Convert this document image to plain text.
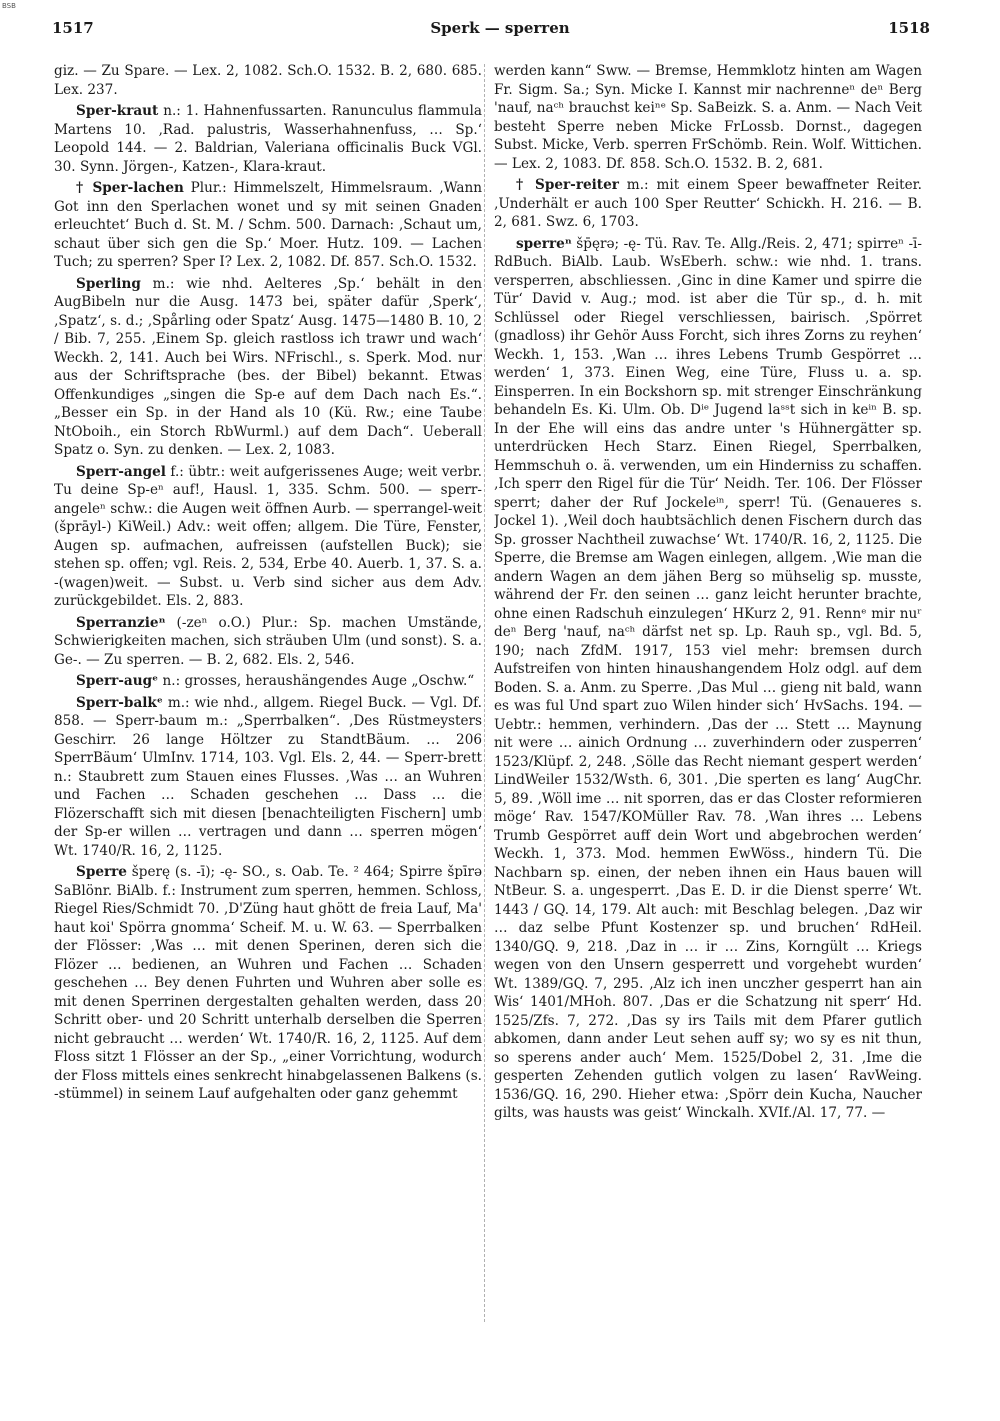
BSB
1517	Sperk — sperren	1518

giz. — Zu Spare. — Lex. 2, 1082. Sch.O. 1532. B. 2, 680. 685. Lex. 237.

Sper-kraut n.: 1. Hahnenfussarten. Ranunculus flammula Martens 10. ‚Rad. palustris, Wasserhahnenfuss, … Sp.‘ Leopold 144. — 2. Baldrian, Valeriana officinalis Buck VGl. 30. Synn. Jörgen-, Katzen-, Klara-kraut.

† Sper-lachen Plur.: Himmelszelt, Himmelsraum. ‚Wann Got inn den Sperlachen wonet und sy mit seinen Gnaden erleuchtet‘ Buch d. St. M. / Schm. 500. Darnach: ‚Schaut um, schaut über sich gen die Sp.‘ Moer. Hutz. 109. — Lachen Tuch; zu sperren? Sper I? Lex. 2, 1082. Df. 857. Sch.O. 1532.

Sperling m.: wie nhd. Aelteres ‚Sp.‘ behält in den AugBibeln nur die Ausg. 1473 bei, später dafür ‚Sperk‘, ‚Spatz‘, s. d.; ‚Spårling oder Spatz‘ Ausg. 1475—1480 B. 10, 2 / Bib. 7, 255. ‚Einem Sp. gleich rastloss ich trawr und wach‘ Weckh. 2, 141. Auch bei Wirs. NFrischl., s. Sperk. Mod. nur aus der Schriftsprache (bes. der Bibel) bekannt. Etwas Offenkundiges „singen die Sp-e auf dem Dach nach Es.“. „Besser ein Sp. in der Hand als 10 (Kü. Rw.; eine Taube NtOboih., ein Storch RbWurml.) auf dem Dach“. Ueberall Spatz o. Syn. zu denken. — Lex. 2, 1083.

Sperr-angel f.: übtr.: weit aufgerissenes Auge; weit verbr. Tu deine Sp-eⁿ auf!, Hausl. 1, 335. Schm. 500. — sperr-angeleⁿ schw.: die Augen weit öffnen Aurb. — sperrangel-weit (šprāyl-) KiWeil.) Adv.: weit offen; allgem. Die Türe, Fenster, Augen sp. aufmachen, aufreissen (aufstellen Buck); sie stehen sp. offen; vgl. Reis. 2, 534, Erbe 40. Auerb. 1, 37. S. a. -(wagen)weit. — Subst. u. Verb sind sicher aus dem Adv. zurückgebildet. Els. 2, 883.

Sperranzieⁿ (-zeⁿ o.O.) Plur.: Sp. machen Umstände, Schwierigkeiten machen, sich sträuben Ulm (und sonst). S. a. Ge-. — Zu sperren. — B. 2, 682. Els. 2, 546.

Sperr-augᵉ n.: grosses, heraushängendes Auge „Oschw.“

Sperr-balkᵉ m.: wie nhd., allgem. Riegel Buck. — Vgl. Df. 858. — Sperr-baum m.: „Sperrbalken“. ‚Des Rüstmeysters Geschirr. 26 lange Höltzer zu StandtBäum. … 206 SperrBäum‘ UlmInv. 1714, 103. Vgl. Els. 2, 44. — Sperr-brett n.: Staubrett zum Stauen eines Flusses. ‚Was … an Wuhren und Fachen … Schaden geschehen … Dass … die Flözerschafft sich mit diesen [benachteiligten Fischern] umb der Sp-er willen … vertragen und dann … sperren mögen‘ Wt. 1740/R. 16, 2, 1125.

Sperre šperę (s. -ī); -ę- SO., s. Oab. Te. ² 464; Spirre špīrə SaBlönr. BiAlb. f.: Instrument zum sperren, hemmen. Schloss, Riegel Ries/Schmidt 70. ‚D'Züng haut ghött de freia Lauf, Ma' haut koi' Spörra gnomma‘ Scheif. M. u. W. 63. — Sperrbalken der Flösser: ‚Was … mit denen Sperinen, deren sich die Flözer … bedienen, an Wuhren und Fachen … Schaden geschehen … Bey denen Fuhrten und Wuhren aber solle es mit denen Sperrinen dergestalten gehalten werden, dass 20 Schritt ober- und 20 Schritt unterhalb derselben die Sperren nicht gebraucht … werden‘ Wt. 1740/R. 16, 2, 1125. Auf dem Floss sitzt 1 Flösser an der Sp., „einer Vorrichtung, wodurch der Floss mittels eines senkrecht hinabgelassenen Balkens (s. -stümmel) in seinem Lauf aufgehalten oder ganz gehemmt

werden kann“ Sww. — Bremse, Hemmklotz hinten am Wagen Fr. Sigm. Sa.; Syn. Micke I. Kannst mir nachrenneⁿ deⁿ Berg 'nauf, naᶜʰ brauchst keiⁿᵉ Sp. SaBeizk. S. a. Anm. — Nach Veit besteht Sperre neben Micke FrLossb. Dornst., dagegen Subst. Micke, Verb. sperren FrSchömb. Rein. Wolf. Wittichen. — Lex. 2, 1083. Df. 858. Sch.O. 1532. B. 2, 681.

† Sper-reiter m.: mit einem Speer bewaffneter Reiter. ‚Underhält er auch 100 Sper Reutter‘ Schickh. H. 216. — B. 2, 681. Swz. 6, 1703.

sperreⁿ šp̄ęrə; -ę- Tü. Rav. Te. Allg./Reis. 2, 471; spirreⁿ -ī- RdBuch. BiAlb. Laub. WsEberh. schw.: wie nhd. 1. trans. versperren, abschliessen. ‚Ginc in dine Kamer und spirre die Tür‘ David v. Aug.; mod. ist aber die Tür sp., d. h. mit Schlüssel oder Riegel verschliessen, bairisch. ‚Spörret (gnadloss) ihr Gehör Auss Forcht, sich ihres Zorns zu reyhen‘ Weckh. 1, 153. ‚Wan … ihres Lebens Trumb Gespörret … werden‘ 1, 373. Einen Weg, eine Türe, Fluss u. a. sp. Einsperren. In ein Bockshorn sp. mit strenger Einschränkung behandeln Es. Ki. Ulm. Ob. Dⁱᵉ Jugend laˢˢt sich in keⁱⁿ B. sp. In der Ehe will eins das andre unter 's Hühnergätter sp. unterdrücken Hech Starz. Einen Riegel, Sperrbalken, Hemmschuh o. ä. verwenden, um ein Hinderniss zu schaffen. ‚Ich sperr den Rigel für die Tür‘ Neidh. Ter. 106. Der Flösser sperrt; daher der Ruf Jockeleⁱⁿ, sperr! Tü. (Genaueres s. Jockel 1). ‚Weil doch haubtsächlich denen Fischern durch das Sp. grosser Nachtheil zuwachse‘ Wt. 1740/R. 16, 2, 1125. Die Sperre, die Bremse am Wagen einlegen, allgem. ‚Wie man die andern Wagen an dem jähen Berg so mühselig sp. musste, während der Fr. den seinen … ganz leicht herunter brachte, ohne einen Radschuh einzulegen‘ HKurz 2, 91. Rennᵉ mir nuʳ deⁿ Berg 'nauf, naᶜʰ därfst net sp. Lp. Rauh sp., vgl. Bd. 5, 190; nach ZfdM. 1917, 153 viel mehr: bremsen durch Aufstreifen von hinten hinaushangendem Holz odgl. auf dem Boden. S. a. Anm. zu Sperre. ‚Das Mul … gieng nit bald, wann es was ful Und spart zuo Wilen hinder sich‘ HvSachs. 194. — Uebtr.: hemmen, verhindern. ‚Das der … Stett … Maynung nit were … ainich Ordnung … zuverhindern oder zusperren‘ 1523/Klüpf. 2, 248. ‚Sölle das Recht niemant gespert werden‘ LindWeiler 1532/Wsth. 6, 301. ‚Die sperten es lang‘ AugChr. 5, 89. ‚Wöll ime … nit sporren, das er das Closter reformieren möge‘ Rav. 1547/KOMüller Rav. 78. ‚Wan ihres … Lebens Trumb Gespörret auff dein Wort und abgebrochen werden‘ Weckh. 1, 373. Mod. hemmen EwWöss., hindern Tü. Die Nachbarn sp. einen, der neben ihnen ein Haus bauen will NtBeur. S. a. ungesperrt. ‚Das E. D. ir die Dienst sperre‘ Wt. 1443 / GQ. 14, 179. Alt auch: mit Beschlag belegen. ‚Daz wir … daz selbe Pfunt Kostenzer sp. und bruchen‘ RdHeil. 1340/GQ. 9, 218. ‚Daz in … ir … Zins, Korngült … Kriegs wegen von den Unsern gesperrett und vorgehebt wurden‘ Wt. 1389/GQ. 7, 295. ‚Alz ich inen unczher gesperrt han ain Wis‘ 1401/MHoh. 807. ‚Das er die Schatzung nit sperr‘ Hd. 1525/Zfs. 7, 272. ‚Das sy irs Tails mit dem Pfarer gutlich abkomen, dann ander Leut sehen auff sy; wo sy es nit thun, so sperens ander auch‘ Mem. 1525/Dobel 2, 31. ‚Ime die gesperten Zehenden gutlich volgen zu lasen‘ RavWeing. 1536/GQ. 16, 290. Hieher etwa: ‚Spörr dein Kucha, Naucher gilts, was hausts was geist‘ Winckalh. XVIf./Al. 17, 77. —
